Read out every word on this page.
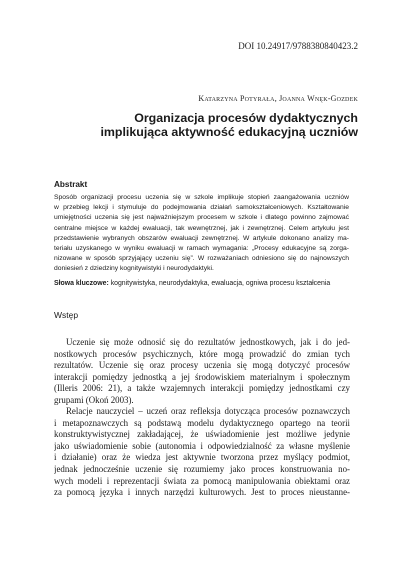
DOI 10.24917/9788380840423.2
Katarzyna Potyrała, Joanna Wnęk-Gozdek
Organizacja procesów dydaktycznych
implikująca aktywność edukacyjną uczniów
Abstrakt
Sposób organizacji procesu uczenia się w szkole implikuje stopień zaangażowania uczniów
w przebieg lekcji i stymuluje do podejmowania działań samokształceniowych. Kształtowanie
umiejętności uczenia się jest najważniejszym procesem w szkole i dlatego powinno zajmować
centralne miejsce w każdej ewaluacji, tak wewnętrznej, jak i zewnętrznej. Celem artykułu jest
przedstawienie wybranych obszarów ewaluacji zewnętrznej. W artykule dokonano analizy ma-
teriału uzyskanego w wyniku ewaluacji w ramach wymagania: „Procesy edukacyjne są zorga-
nizowane w sposób sprzyjający uczeniu się”. W rozważaniach odniesiono się do najnowszych
doniesień z dziedziny kognitywistyki i neurodydaktyki.
Słowa kluczowe: kognitywistyka, neurodydaktyka, ewaluacja, ogniwa procesu kształcenia
Wstęp
Uczenie się może odnosić się do rezultatów jednostkowych, jak i do jed-
nostkowych procesów psychicznych, które mogą prowadzić do zmian tych
rezultatów. Uczenie się oraz procesy uczenia się mogą dotyczyć procesów
interakcji pomiędzy jednostką a jej środowiskiem materialnym i społecznym
(Illeris 2006: 21), a także wzajemnych interakcji pomiędzy jednostkami czy
grupami (Okoń 2003).
Relacje nauczyciel – uczeń oraz refleksja dotycząca procesów poznawczych
i metapoznawczych są podstawą modelu dydaktycznego opartego na teorii
konstruktywistycznej zakładającej, że uświadomienie jest możliwe jedynie
jako uświadomienie sobie (autonomia i odpowiedzialność za własne myślenie
i działanie) oraz że wiedza jest aktywnie tworzona przez myślący podmiot,
jednak jednocześnie uczenie się rozumiemy jako proces konstruowania no-
wych modeli i reprezentacji świata za pomocą manipulowania obiektami oraz
za pomocą języka i innych narzędzi kulturowych. Jest to proces nieustanne-
